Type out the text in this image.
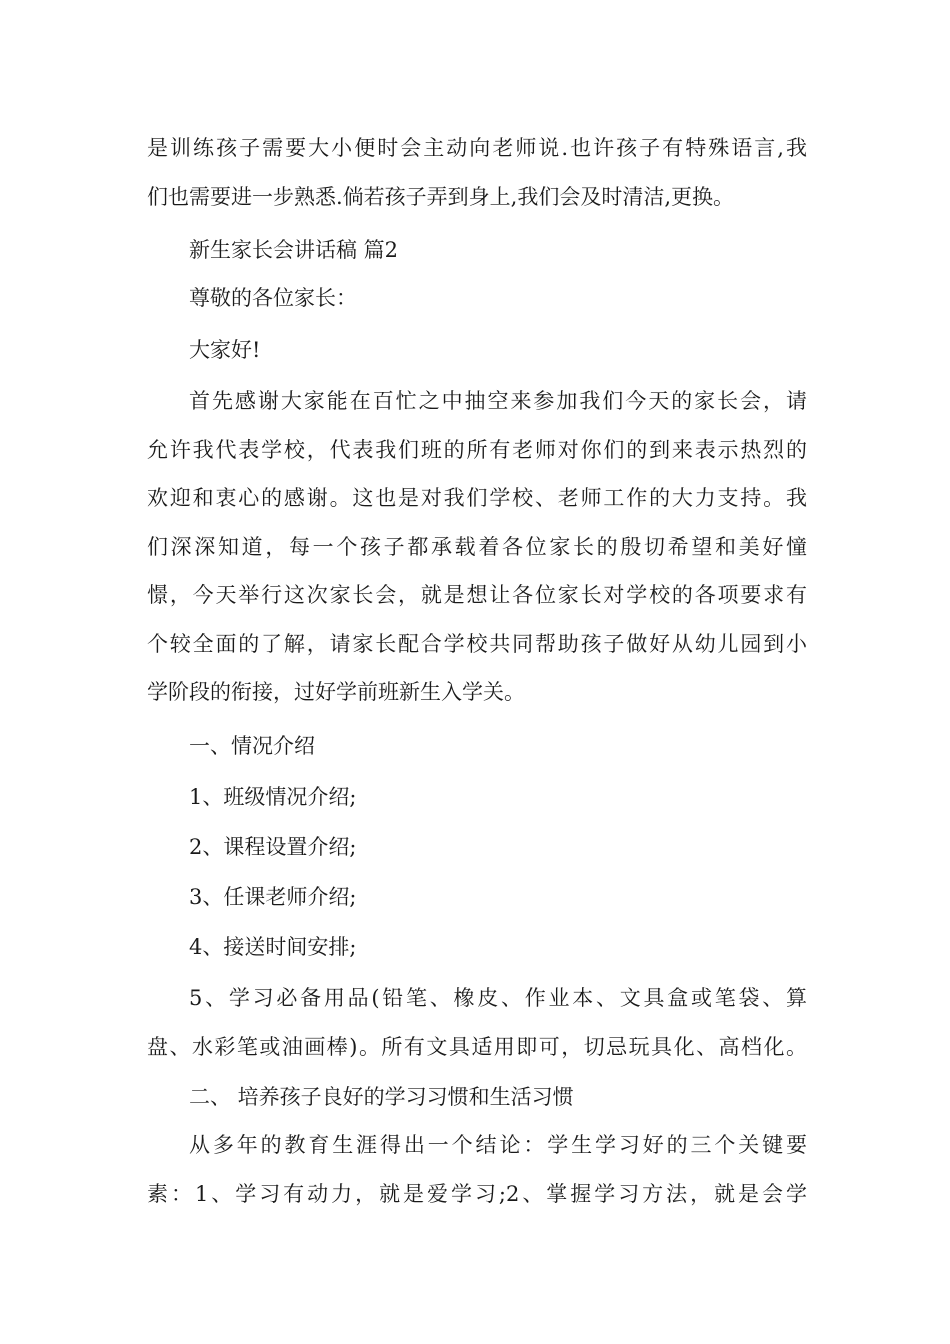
是训练孩子需要大小便时会主动向老师说.也许孩子有特殊语言,我
们也需要进一步熟悉.倘若孩子弄到身上,我们会及时清洁,更换。
新生家长会讲话稿 篇2
尊敬的各位家长：
大家好!
首先感谢大家能在百忙之中抽空来参加我们今天的家长会，请
允许我代表学校，代表我们班的所有老师对你们的到来表示热烈的
欢迎和衷心的感谢。这也是对我们学校、老师工作的大力支持。我
们深深知道，每一个孩子都承载着各位家长的殷切希望和美好憧
憬，今天举行这次家长会，就是想让各位家长对学校的各项要求有
个较全面的了解，请家长配合学校共同帮助孩子做好从幼儿园到小
学阶段的衔接，过好学前班新生入学关。
一、情况介绍
1、班级情况介绍;
2、课程设置介绍;
3、任课老师介绍;
4、接送时间安排;
5、学习必备用品(铅笔、橡皮、作业本、文具盒或笔袋、算
盘、水彩笔或油画棒)。所有文具适用即可，切忌玩具化、高档化。
二、 培养孩子良好的学习习惯和生活习惯
从多年的教育生涯得出一个结论：学生学习好的三个关键要
素：1、学习有动力，就是爱学习;2、掌握学习方法，就是会学
